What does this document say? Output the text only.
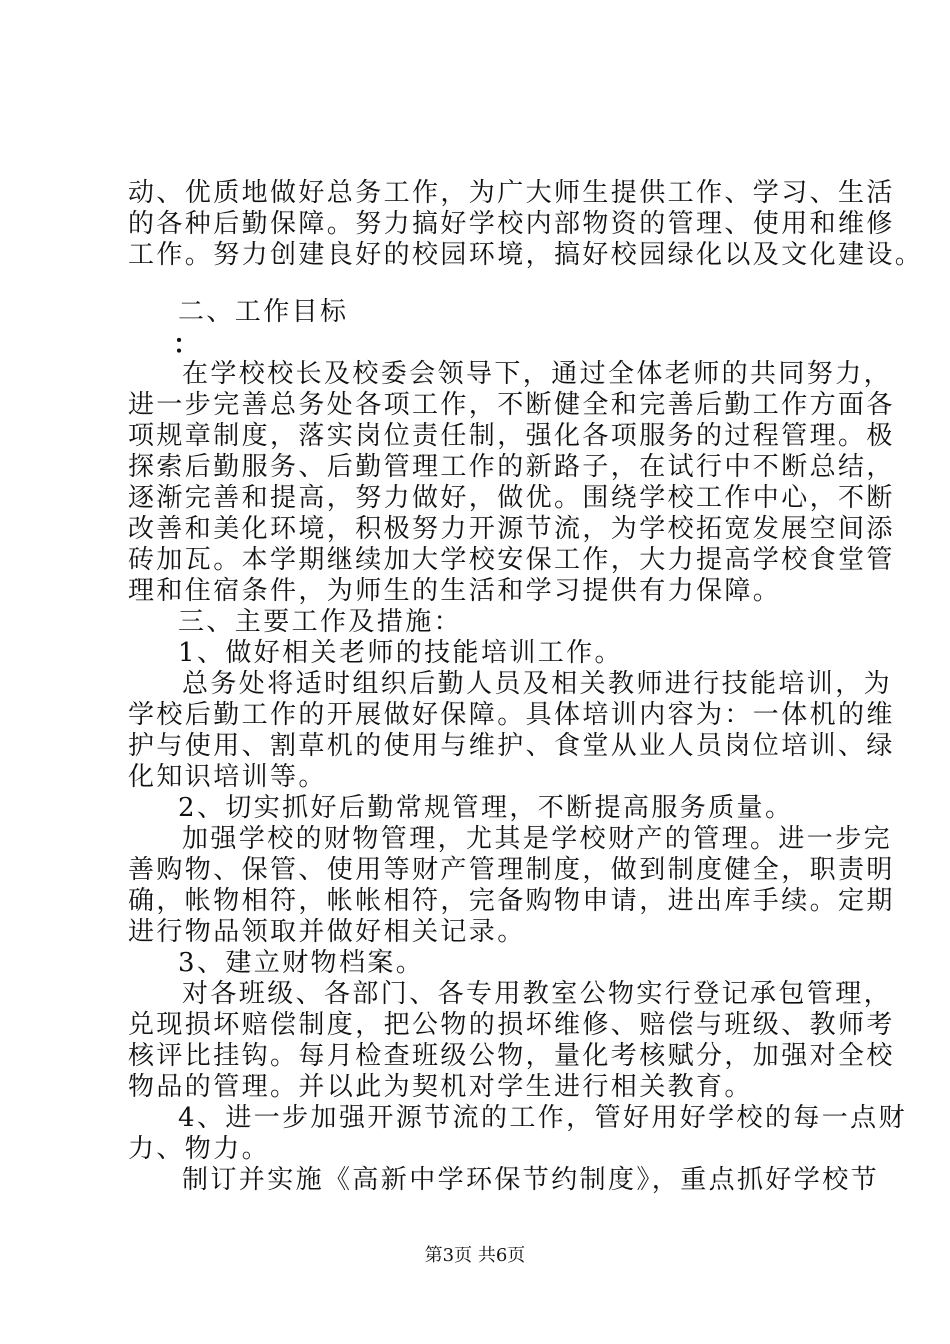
动、优质地做好总务工作，为广大师生提供工作、学习、生活
的各种后勤保障。努力搞好学校内部物资的管理、使用和维修
工作。努力创建良好的校园环境，搞好校园绿化以及文化建设。
二、工作目标
：
在学校校长及校委会领导下，通过全体老师的共同努力，
进一步完善总务处各项工作，不断健全和完善后勤工作方面各
项规章制度，落实岗位责任制，强化各项服务的过程管理。极
探索后勤服务、后勤管理工作的新路子，在试行中不断总结，
逐渐完善和提高，努力做好，做优。围绕学校工作中心，不断
改善和美化环境，积极努力开源节流，为学校拓宽发展空间添
砖加瓦。本学期继续加大学校安保工作，大力提高学校食堂管
理和住宿条件，为师生的生活和学习提供有力保障。
三、主要工作及措施：
1、做好相关老师的技能培训工作。
总务处将适时组织后勤人员及相关教师进行技能培训，为
学校后勤工作的开展做好保障。具体培训内容为：一体机的维
护与使用、割草机的使用与维护、食堂从业人员岗位培训、绿
化知识培训等。
2、切实抓好后勤常规管理，不断提高服务质量。
加强学校的财物管理，尤其是学校财产的管理。进一步完
善购物、保管、使用等财产管理制度，做到制度健全，职责明
确，帐物相符，帐帐相符，完备购物申请，进出库手续。定期
进行物品领取并做好相关记录。
3、建立财物档案。
对各班级、各部门、各专用教室公物实行登记承包管理，
兑现损坏赔偿制度，把公物的损坏维修、赔偿与班级、教师考
核评比挂钩。每月检查班级公物，量化考核赋分，加强对全校
物品的管理。并以此为契机对学生进行相关教育。
4、进一步加强开源节流的工作，管好用好学校的每一点财
力、物力。
制订并实施《高新中学环保节约制度》，重点抓好学校节
第3页 共6页
